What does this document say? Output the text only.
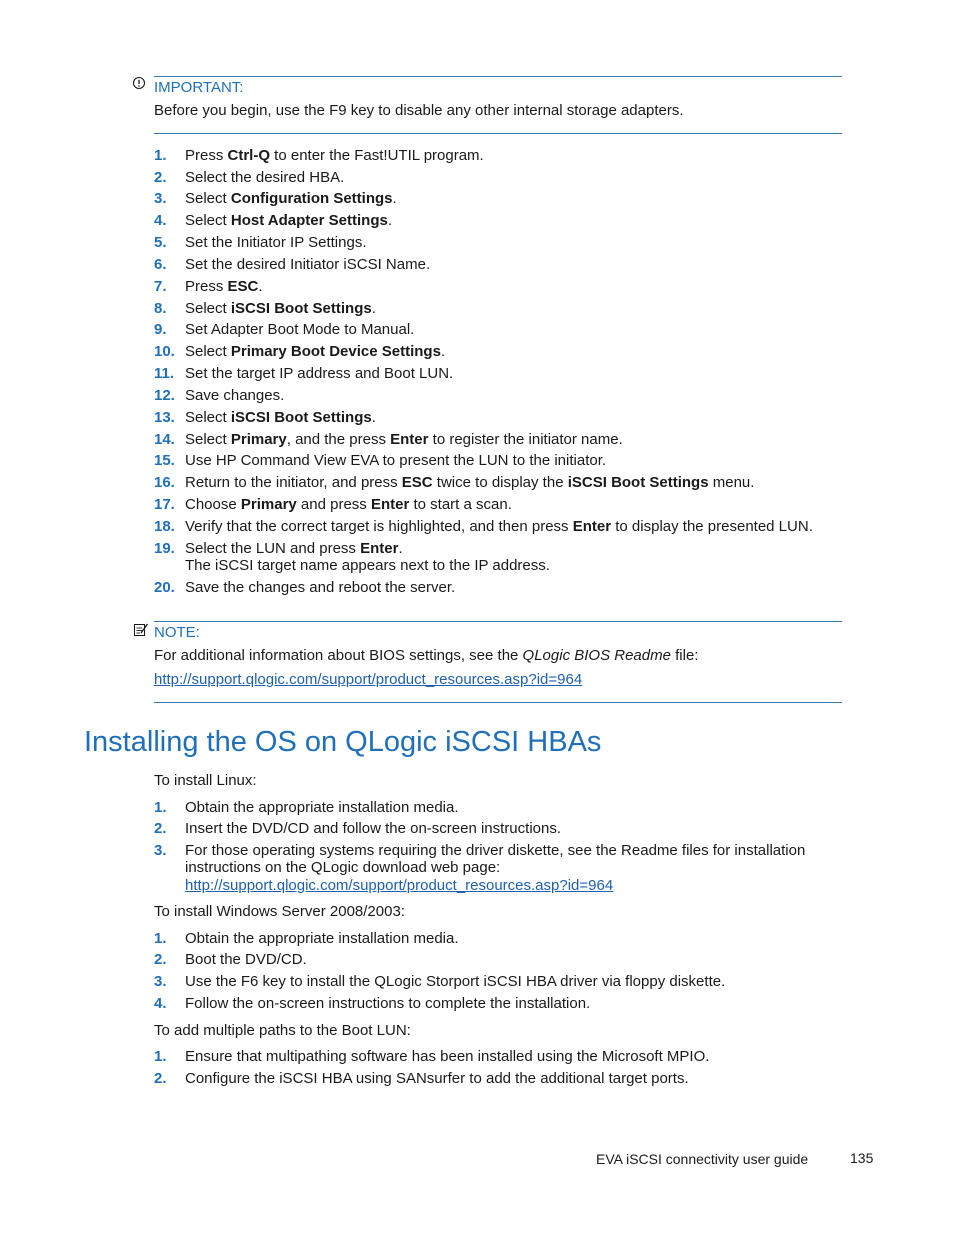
IMPORTANT:
Before you begin, use the F9 key to disable any other internal storage adapters.
1.	Press Ctrl-Q to enter the Fast!UTIL program.
2.	Select the desired HBA.
3.	Select Configuration Settings.
4.	Select Host Adapter Settings.
5.	Set the Initiator IP Settings.
6.	Set the desired Initiator iSCSI Name.
7.	Press ESC.
8.	Select iSCSI Boot Settings.
9.	Set Adapter Boot Mode to Manual.
10. Select Primary Boot Device Settings.
11. Set the target IP address and Boot LUN.
12. Save changes.
13. Select iSCSI Boot Settings.
14. Select Primary, and the press Enter to register the initiator name.
15. Use HP Command View EVA to present the LUN to the initiator.
16. Return to the initiator, and press ESC twice to display the iSCSI Boot Settings menu.
17. Choose Primary and press Enter to start a scan.
18. Verify that the correct target is highlighted, and then press Enter to display the presented LUN.
19. Select the LUN and press Enter.
The iSCSI target name appears next to the IP address.
20. Save the changes and reboot the server.
NOTE:
For additional information about BIOS settings, see the QLogic BIOS Readme file:
http://support.qlogic.com/support/product_resources.asp?id=964
Installing the OS on QLogic iSCSI HBAs
To install Linux:
1.	Obtain the appropriate installation media.
2.	Insert the DVD/CD and follow the on-screen instructions.
3.	For those operating systems requiring the driver diskette, see the Readme files for installation
instructions on the QLogic download web page:
http://support.qlogic.com/support/product_resources.asp?id=964
To install Windows Server 2008/2003:
1.	Obtain the appropriate installation media.
2.	Boot the DVD/CD.
3.	Use the F6 key to install the QLogic Storport iSCSI HBA driver via floppy diskette.
4.	Follow the on-screen instructions to complete the installation.
To add multiple paths to the Boot LUN:
1.	Ensure that multipathing software has been installed using the Microsoft MPIO.
2.	Configure the iSCSI HBA using SANsurfer to add the additional target ports.
EVA iSCSI connectivity user guide	135
